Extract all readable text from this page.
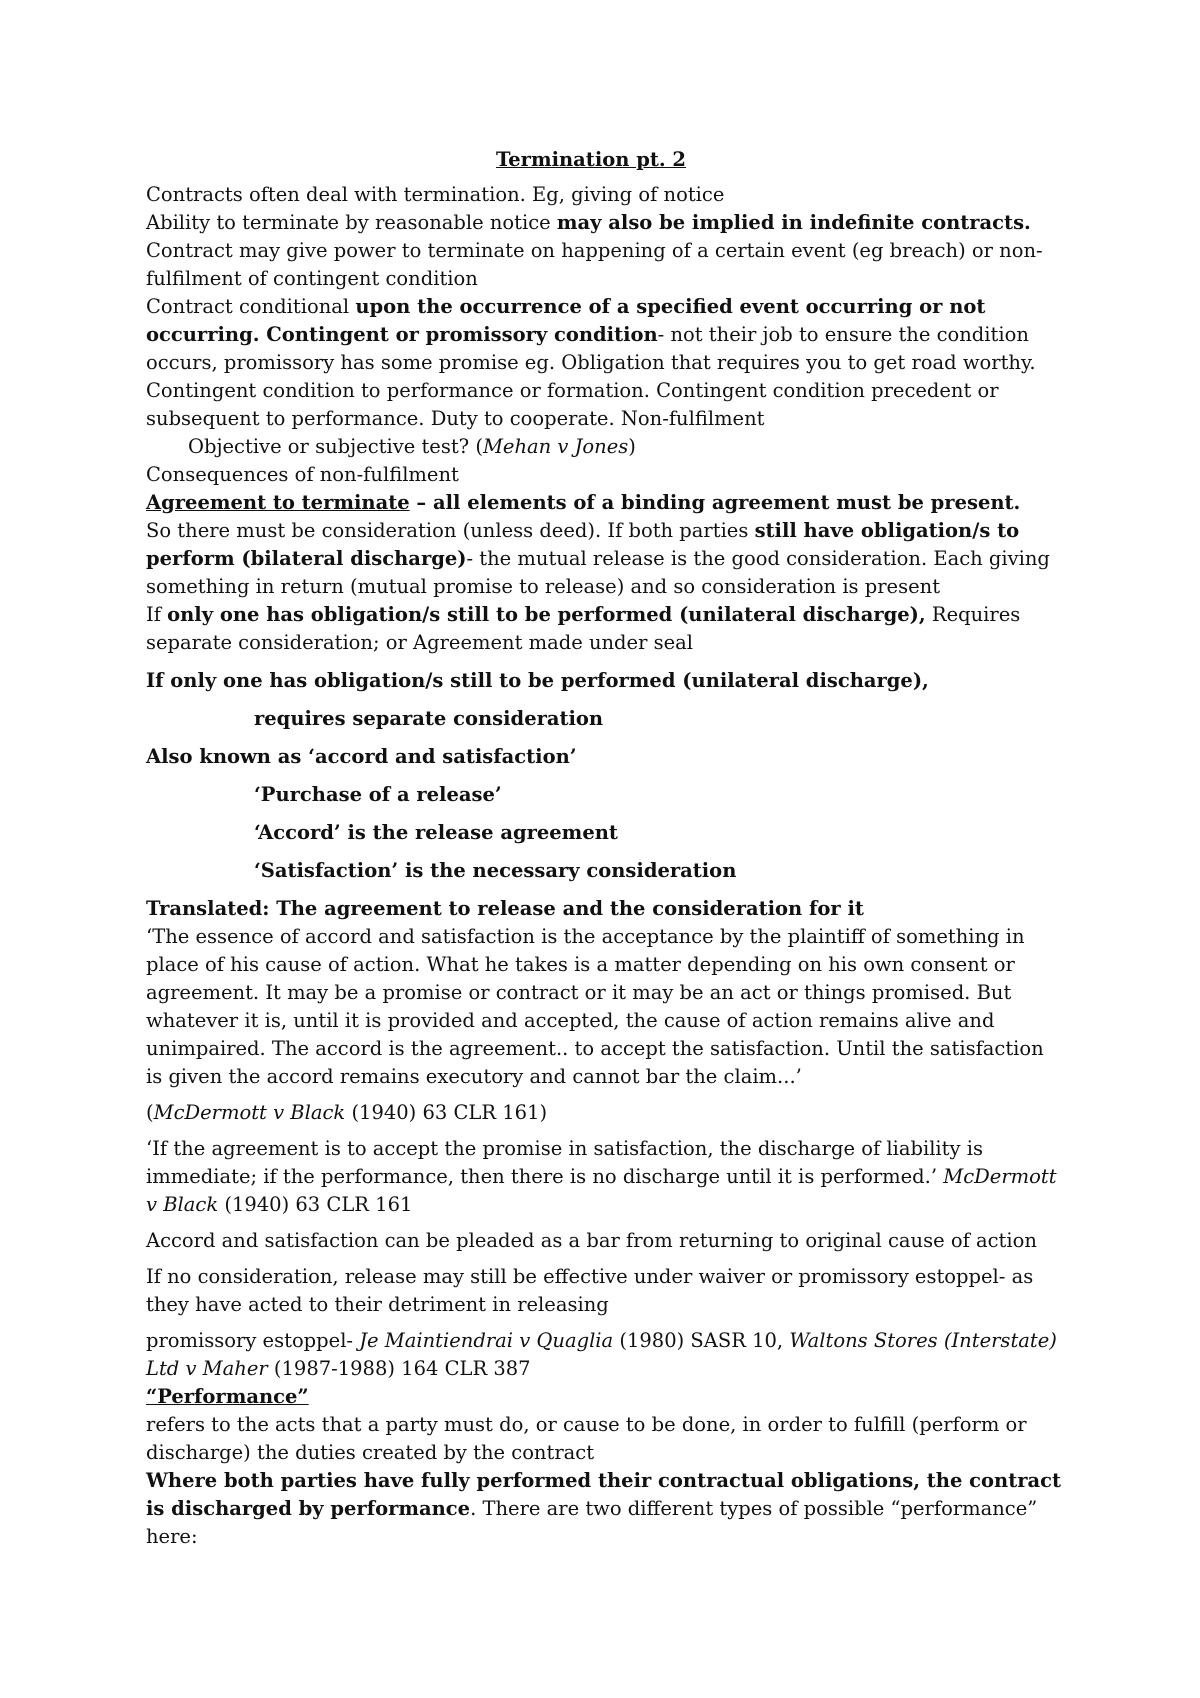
Termination pt. 2

Contracts often deal with termination. Eg, giving of notice

Ability to terminate by reasonable notice may also be implied in indefinite contracts.

Contract may give power to terminate on happening of a certain event (eg breach) or non-fulfilment of contingent condition

Contract conditional upon the occurrence of a specified event occurring or not occurring. Contingent or promissory condition- not their job to ensure the condition occurs, promissory has some promise eg. Obligation that requires you to get road worthy. Contingent condition to performance or formation. Contingent condition precedent or subsequent to performance. Duty to cooperate. Non-fulfilment

Objective or subjective test? (Mehan v Jones)

Consequences of non-fulfilment

Agreement to terminate – all elements of a binding agreement must be present.

So there must be consideration (unless deed). If both parties still have obligation/s to perform (bilateral discharge)- the mutual release is the good consideration. Each giving something in return (mutual promise to release) and so consideration is present

If only one has obligation/s still to be performed (unilateral discharge), Requires separate consideration; or Agreement made under seal

If only one has obligation/s still to be performed (unilateral discharge),

requires separate consideration

Also known as ‘accord and satisfaction’

‘Purchase of a release’

‘Accord’ is the release agreement

‘Satisfaction’ is the necessary consideration

Translated: The agreement to release and the consideration for it

‘The essence of accord and satisfaction is the acceptance by the plaintiff of something in place of his cause of action. What he takes is a matter depending on his own consent or agreement. It may be a promise or contract or it may be an act or things promised. But whatever it is, until it is provided and accepted, the cause of action remains alive and unimpaired. The accord is the agreement.. to accept the satisfaction. Until the satisfaction is given the accord remains executory and cannot bar the claim...’

(McDermott v Black (1940) 63 CLR 161)

‘If the agreement is to accept the promise in satisfaction, the discharge of liability is immediate; if the performance, then there is no discharge until it is performed.’ McDermott v Black (1940) 63 CLR 161

Accord and satisfaction can be pleaded as a bar from returning to original cause of action

If no consideration, release may still be effective under waiver or promissory estoppel- as they have acted to their detriment in releasing

promissory estoppel- Je Maintiendrai v Quaglia (1980) SASR 10, Waltons Stores (Interstate) Ltd v Maher (1987-1988) 164 CLR 387

“Performance”

refers to the acts that a party must do, or cause to be done, in order to fulfill (perform or discharge) the duties created by the contract

Where both parties have fully performed their contractual obligations, the contract is discharged by performance. There are two different types of possible “performance” here:
